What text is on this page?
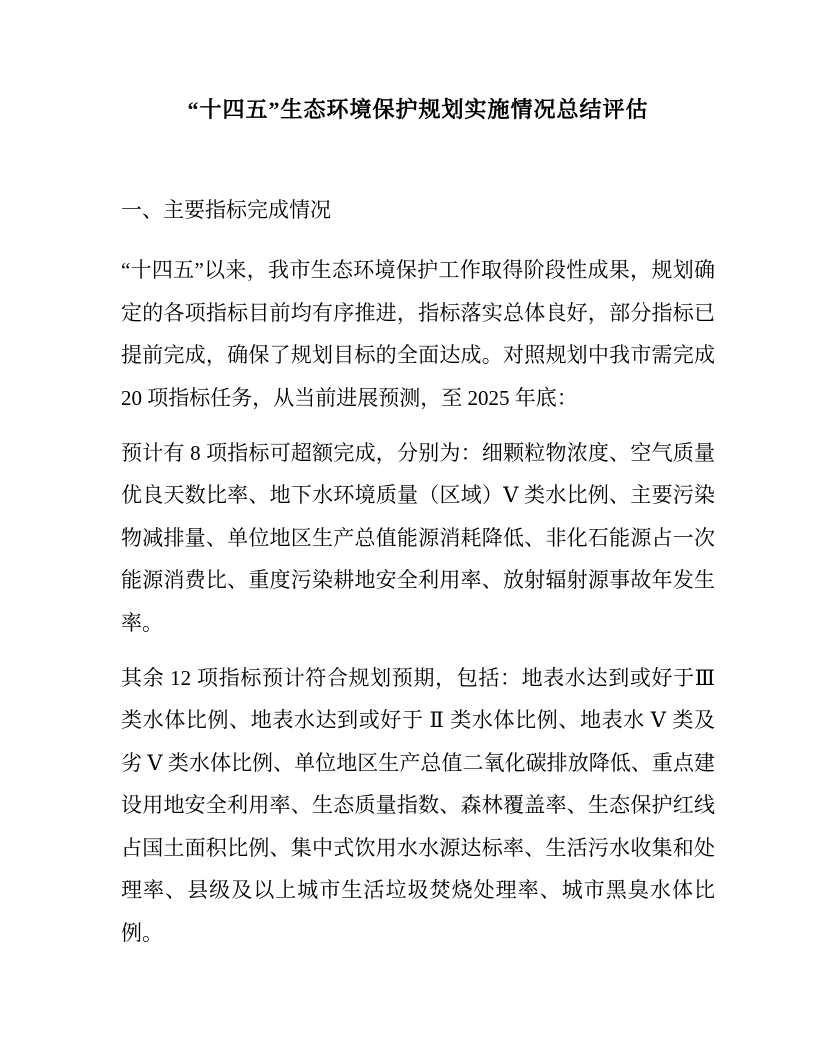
“十四五”生态环境保护规划实施情况总结评估
一、主要指标完成情况

“十四五”以来，我市生态环境保护工作取得阶段性成果，规划确定的各项指标目前均有序推进，指标落实总体良好，部分指标已提前完成，确保了规划目标的全面达成。对照规划中我市需完成 20 项指标任务，从当前进展预测，至 2025 年底：

预计有 8 项指标可超额完成，分别为：细颗粒物浓度、空气质量优良天数比率、地下水环境质量（区域）Ⅴ 类水比例、主要污染物减排量、单位地区生产总值能源消耗降低、非化石能源占一次能源消费比、重度污染耕地安全利用率、放射辐射源事故年发生率。

其余 12 项指标预计符合规划预期，包括：地表水达到或好于Ⅲ类水体比例、地表水达到或好于 Ⅱ 类水体比例、地表水 Ⅴ 类及劣 Ⅴ 类水体比例、单位地区生产总值二氧化碳排放降低、重点建设用地安全利用率、生态质量指数、森林覆盖率、生态保护红线占国土面积比例、集中式饮用水水源达标率、生活污水收集和处理率、县级及以上城市生活垃圾焚烧处理率、城市黑臭水体比例。
